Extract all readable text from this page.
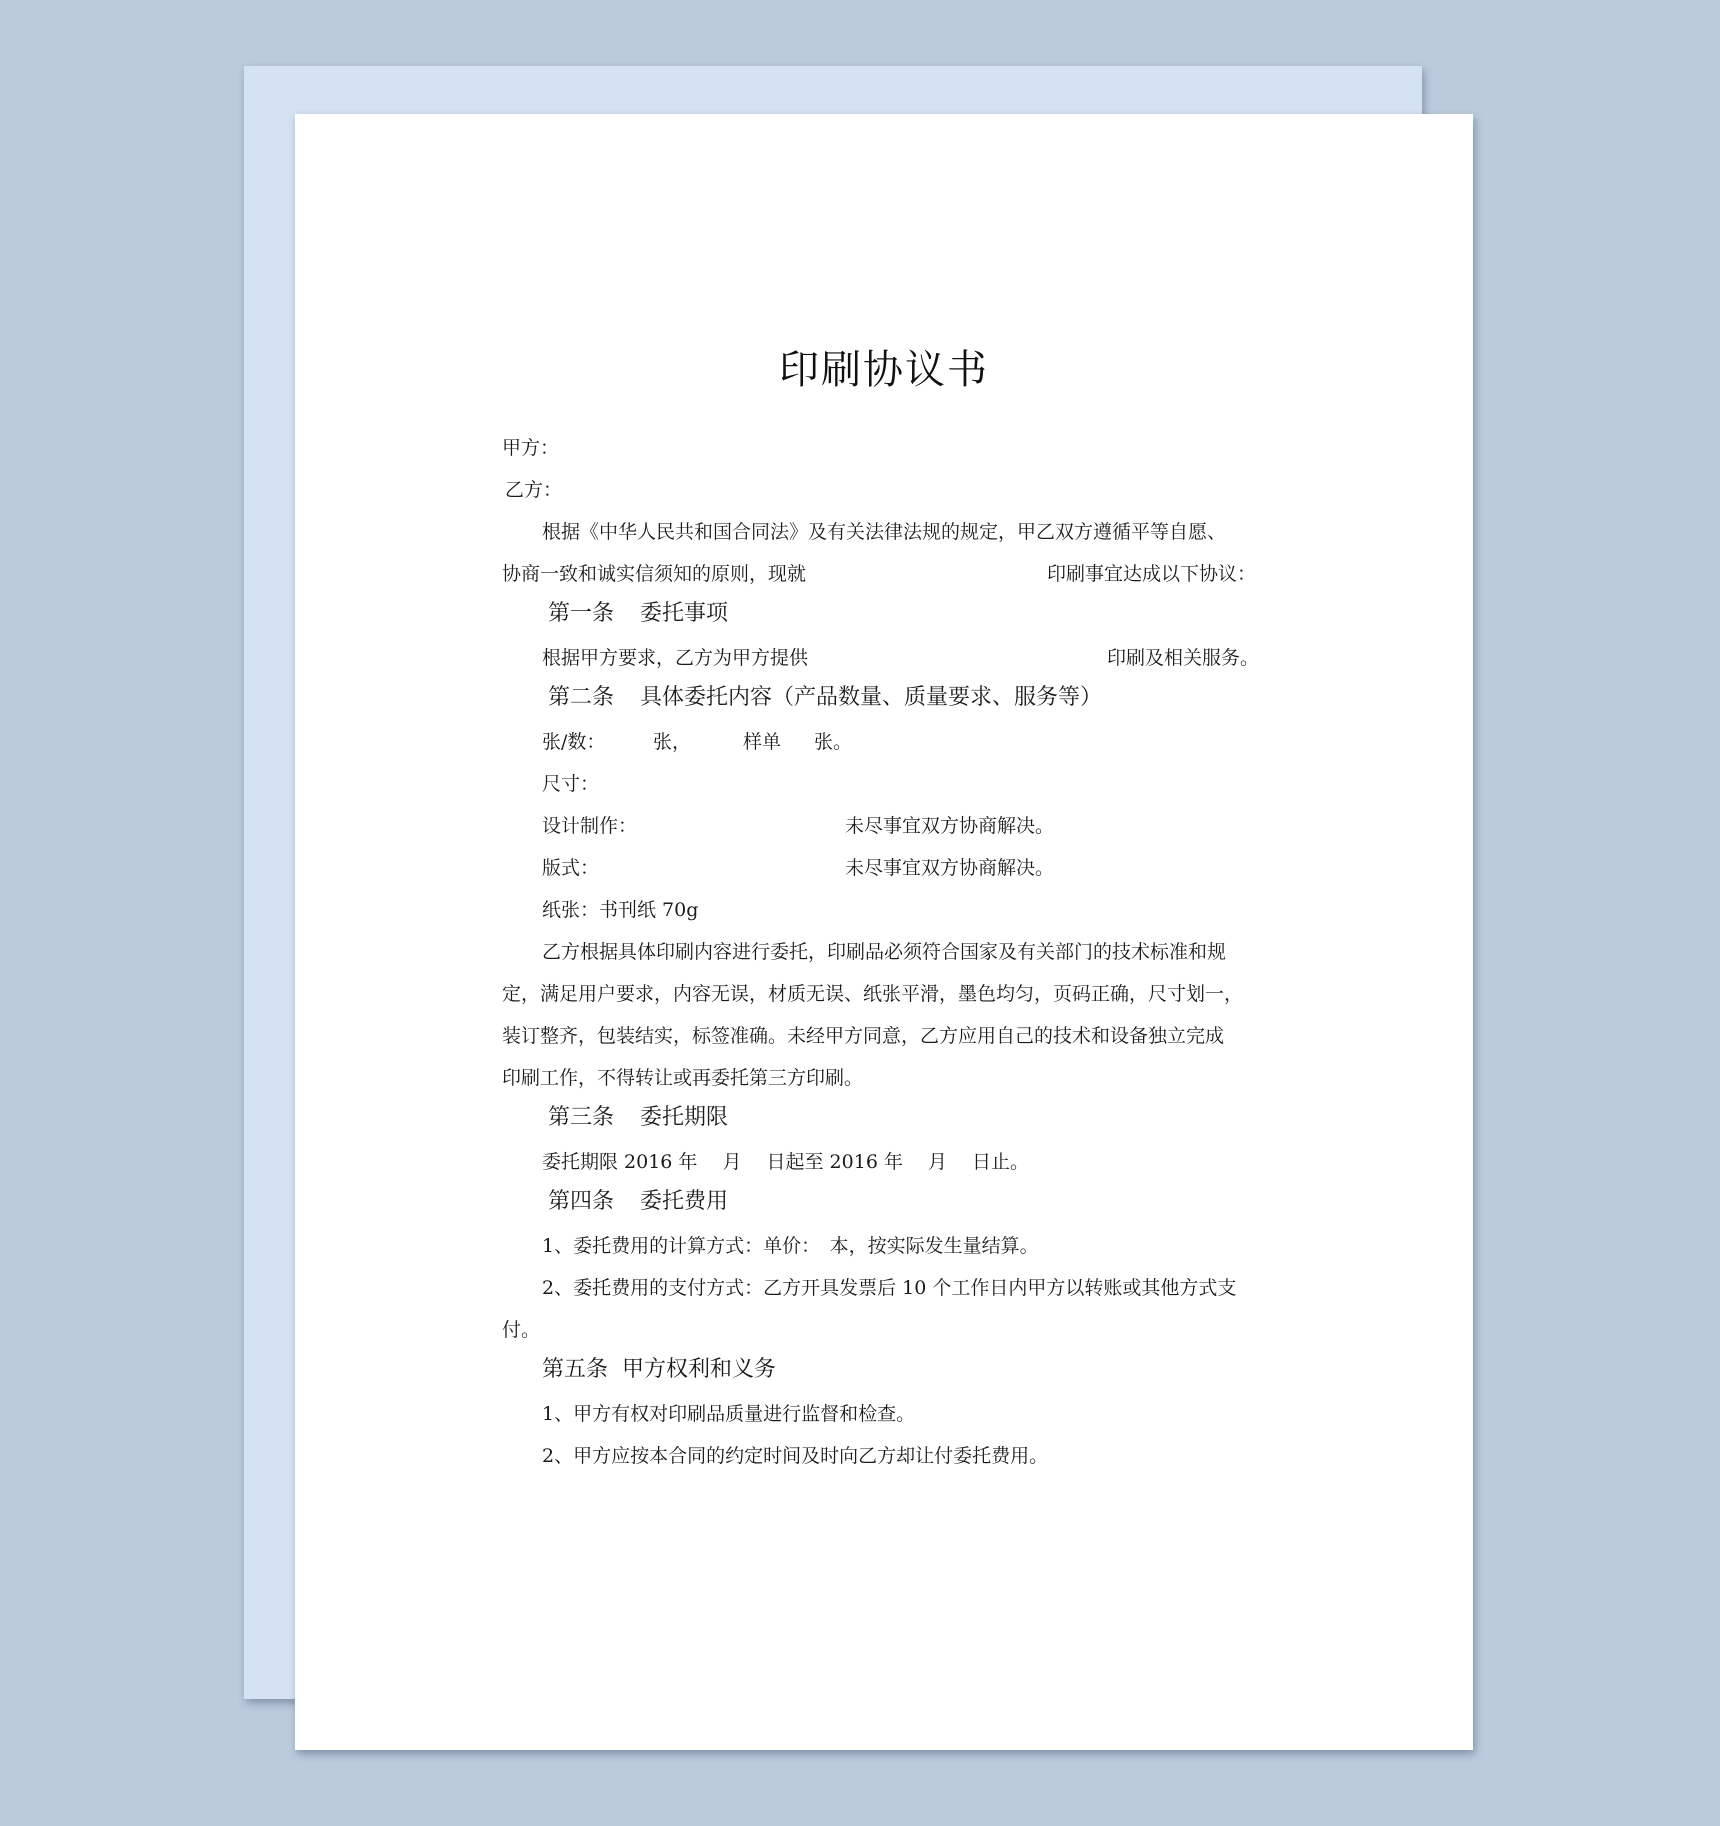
印刷协议书
甲方：
乙方：
根据《中华人民共和国合同法》及有关法律法规的规定，甲乙双方遵循平等自愿、
协商一致和诚实信须知的原则，现就	印刷事宜达成以下协议：
第一条 委托事项
根据甲方要求，乙方为甲方提供	印刷及相关服务。
第二条 具体委托内容（产品数量、质量要求、服务等）
张/数：	张，	样单 张。
尺寸：
设计制作：	未尽事宜双方协商解决。
版式：	未尽事宜双方协商解决。
纸张：书刊纸 70g
乙方根据具体印刷内容进行委托，印刷品必须符合国家及有关部门的技术标准和规
定，满足用户要求，内容无误，材质无误、纸张平滑，墨色均匀，页码正确，尺寸划一，
装订整齐，包装结实，标签准确。未经甲方同意，乙方应用自己的技术和设备独立完成
印刷工作，不得转让或再委托第三方印刷。
第三条 委托期限
委托期限 2016 年　 月　 日起至 2016 年　 月　 日止。
第四条 委托费用
1、委托费用的计算方式：单价：　本，按实际发生量结算。
2、委托费用的支付方式：乙方开具发票后 10 个工作日内甲方以转账或其他方式支
付。
第五条  甲方权利和义务
1、甲方有权对印刷品质量进行监督和检查。
2、甲方应按本合同的约定时间及时向乙方却让付委托费用。
